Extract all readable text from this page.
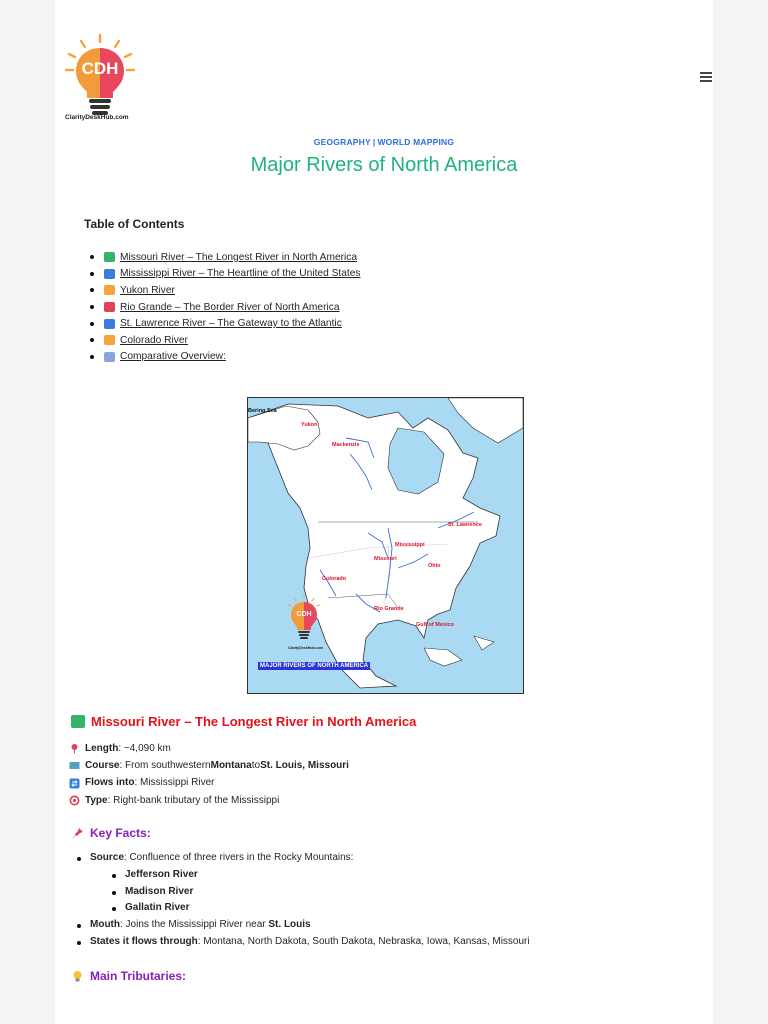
CDH
ClarityDeskHub.com
GEOGRAPHY | WORLD MAPPING
Major Rivers of North America
Table of Contents
Missouri River – The Longest River in North America
Mississippi River – The Heartline of the United States
Yukon River
Rio Grande – The Border River of North America
St. Lawrence River – The Gateway to the Atlantic
Colorado River
Comparative Overview:
Bering Sea
Yukon
Mackenzie
St. Lawrence
Mississippi
Missouri
Ohio
Colorado
Rio Grande
Gulf of Mexico
CDH
ClarityDeskHub.com
MAJOR RIVERS OF NORTH AMERICA
Missouri River – The Longest River in North America
Length : ~4,090 km
Course : From southwestern Montana to St. Louis, Missouri
Flows into : Mississippi River
Type : Right-bank tributary of the Mississippi
Key Facts:
Source: Confluence of three rivers in the Rocky Mountains:
Jefferson River
Madison River
Gallatin River
Mouth: Joins the Mississippi River near St. Louis
States it flows through: Montana, North Dakota, South Dakota, Nebraska, Iowa, Kansas, Missouri
Main Tributaries:
